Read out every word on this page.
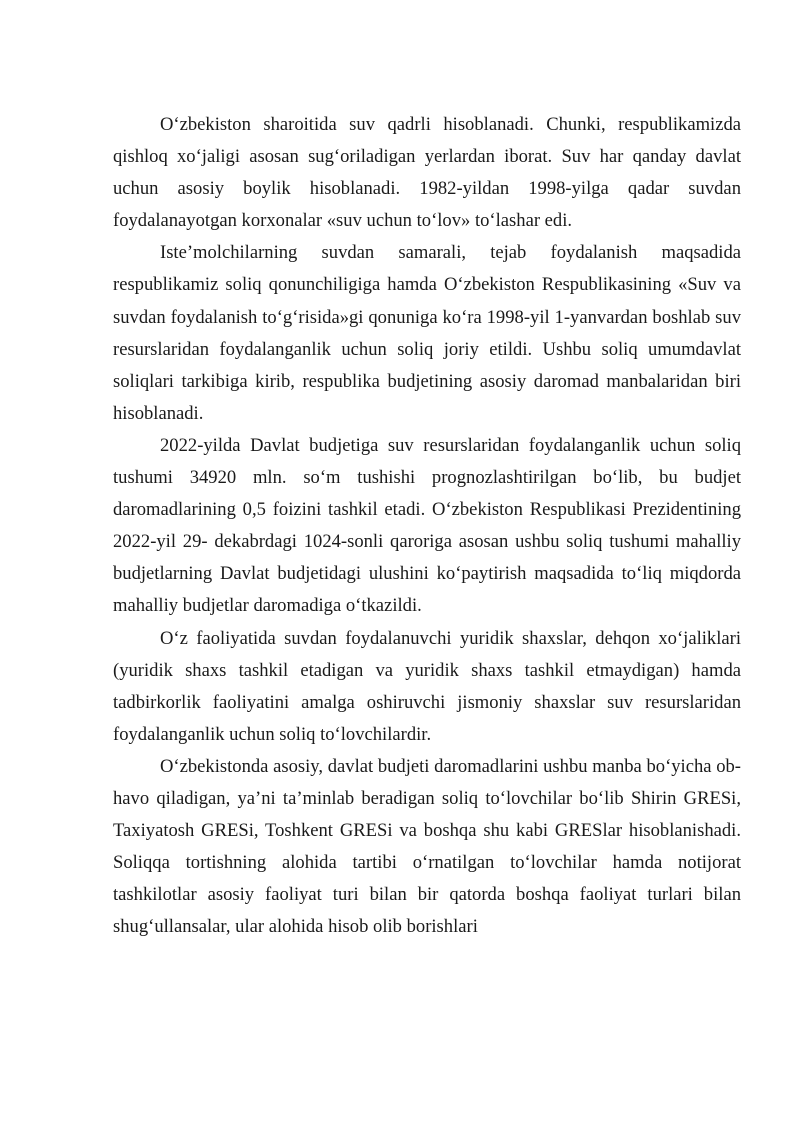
O‘zbekiston sharoitida suv qadrli hisoblanadi. Chunki, respublikamizda qishloq xo‘jaligi asosan sug‘oriladigan yerlardan iborat. Suv har qanday davlat uchun asosiy boylik hisoblanadi. 1982-yildan 1998-yilga qadar suvdan foydalanayotgan korxonalar «suv uchun to‘lov» to‘lashar edi.

Iste’molchilarning suvdan samarali, tejab foydalanish maqsadida respublikamiz soliq qonunchiligiga hamda O‘zbekiston Respublikasining «Suv va suvdan foydalanish to‘g‘risida»gi qonuniga ko‘ra 1998-yil 1-yanvardan boshlab suv resurslaridan foydalanganlik uchun soliq joriy etildi. Ushbu soliq umumdavlat soliqlari tarkibiga kirib, respublika budjetining asosiy daromad manbalaridan biri hisoblanadi.

2022-yilda Davlat budjetiga suv resurslaridan foydalanganlik uchun soliq tushumi 34920 mln. so‘m tushishi prognozlashtirilgan bo‘lib, bu budjet daromadlarining 0,5 foizini tashkil etadi. O‘zbekiston Respublikasi Prezidentining 2022-yil 29- dekabrdagi 1024-sonli qaroriga asosan ushbu soliq tushumi mahalliy budjetlarning Davlat budjetidagi ulushini ko‘paytirish maqsadida to‘liq miqdorda mahalliy budjetlar daromadiga o‘tkazildi.

O‘z faoliyatida suvdan foydalanuvchi yuridik shaxslar, dehqon xo‘jaliklari (yuridik shaxs tashkil etadigan va yuridik shaxs tashkil etmaydigan) hamda tadbirkorlik faoliyatini amalga oshiruvchi jismoniy shaxslar suv resurslaridan foydalanganlik uchun soliq to‘lovchilardir.

O‘zbekistonda asosiy, davlat budjeti daromadlarini ushbu manba bo‘yicha ob-havo qiladigan, ya’ni ta’minlab beradigan soliq to‘lovchilar bo‘lib Shirin GRESi, Taxiyatosh GRESi, Toshkent GRESi va boshqa shu kabi GRESlar hisoblanishadi. Soliqqa tortishning alohida tartibi o‘rnatilgan to‘lovchilar hamda notijorat tashkilotlar asosiy faoliyat turi bilan bir qatorda boshqa faoliyat turlari bilan shug‘ullansalar, ular alohida hisob olib borishlari
